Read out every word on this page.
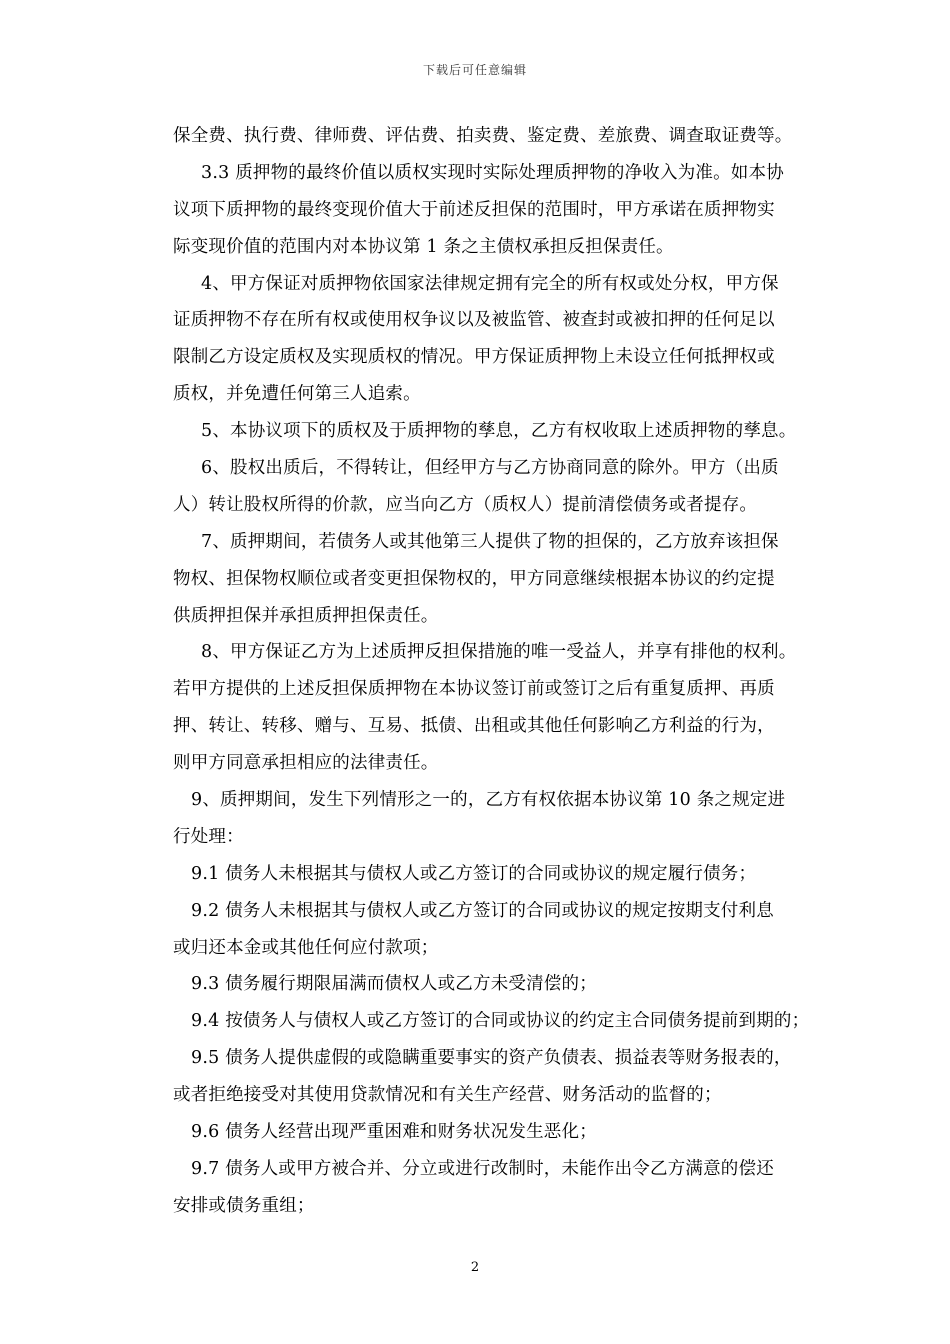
下载后可任意编辑
保全费、执行费、律师费、评估费、拍卖费、鉴定费、差旅费、调查取证费等。
3.3 质押物的最终价值以质权实现时实际处理质押物的净收入为准。如本协
议项下质押物的最终变现价值大于前述反担保的范围时，甲方承诺在质押物实
际变现价值的范围内对本协议第 1 条之主债权承担反担保责任。
4、甲方保证对质押物依国家法律规定拥有完全的所有权或处分权，甲方保
证质押物不存在所有权或使用权争议以及被监管、被查封或被扣押的任何足以
限制乙方设定质权及实现质权的情况。甲方保证质押物上未设立任何抵押权或
质权，并免遭任何第三人追索。
5、本协议项下的质权及于质押物的孳息，乙方有权收取上述质押物的孳息。
6、股权出质后，不得转让，但经甲方与乙方协商同意的除外。甲方（出质
人）转让股权所得的价款，应当向乙方（质权人）提前清偿债务或者提存。
7、质押期间，若债务人或其他第三人提供了物的担保的，乙方放弃该担保
物权、担保物权顺位或者变更担保物权的，甲方同意继续根据本协议的约定提
供质押担保并承担质押担保责任。
8、甲方保证乙方为上述质押反担保措施的唯一受益人，并享有排他的权利。
若甲方提供的上述反担保质押物在本协议签订前或签订之后有重复质押、再质
押、转让、转移、赠与、互易、抵债、出租或其他任何影响乙方利益的行为，
则甲方同意承担相应的法律责任。
9、质押期间，发生下列情形之一的，乙方有权依据本协议第 10 条之规定进
行处理：
9.1 债务人未根据其与债权人或乙方签订的合同或协议的规定履行债务；
9.2 债务人未根据其与债权人或乙方签订的合同或协议的规定按期支付利息
或归还本金或其他任何应付款项；
9.3 债务履行期限届满而债权人或乙方未受清偿的；
9.4 按债务人与债权人或乙方签订的合同或协议的约定主合同债务提前到期的；
9.5 债务人提供虚假的或隐瞒重要事实的资产负债表、损益表等财务报表的，
或者拒绝接受对其使用贷款情况和有关生产经营、财务活动的监督的；
9.6 债务人经营出现严重困难和财务状况发生恶化；
9.7 债务人或甲方被合并、分立或进行改制时，未能作出令乙方满意的偿还
安排或债务重组；
2
